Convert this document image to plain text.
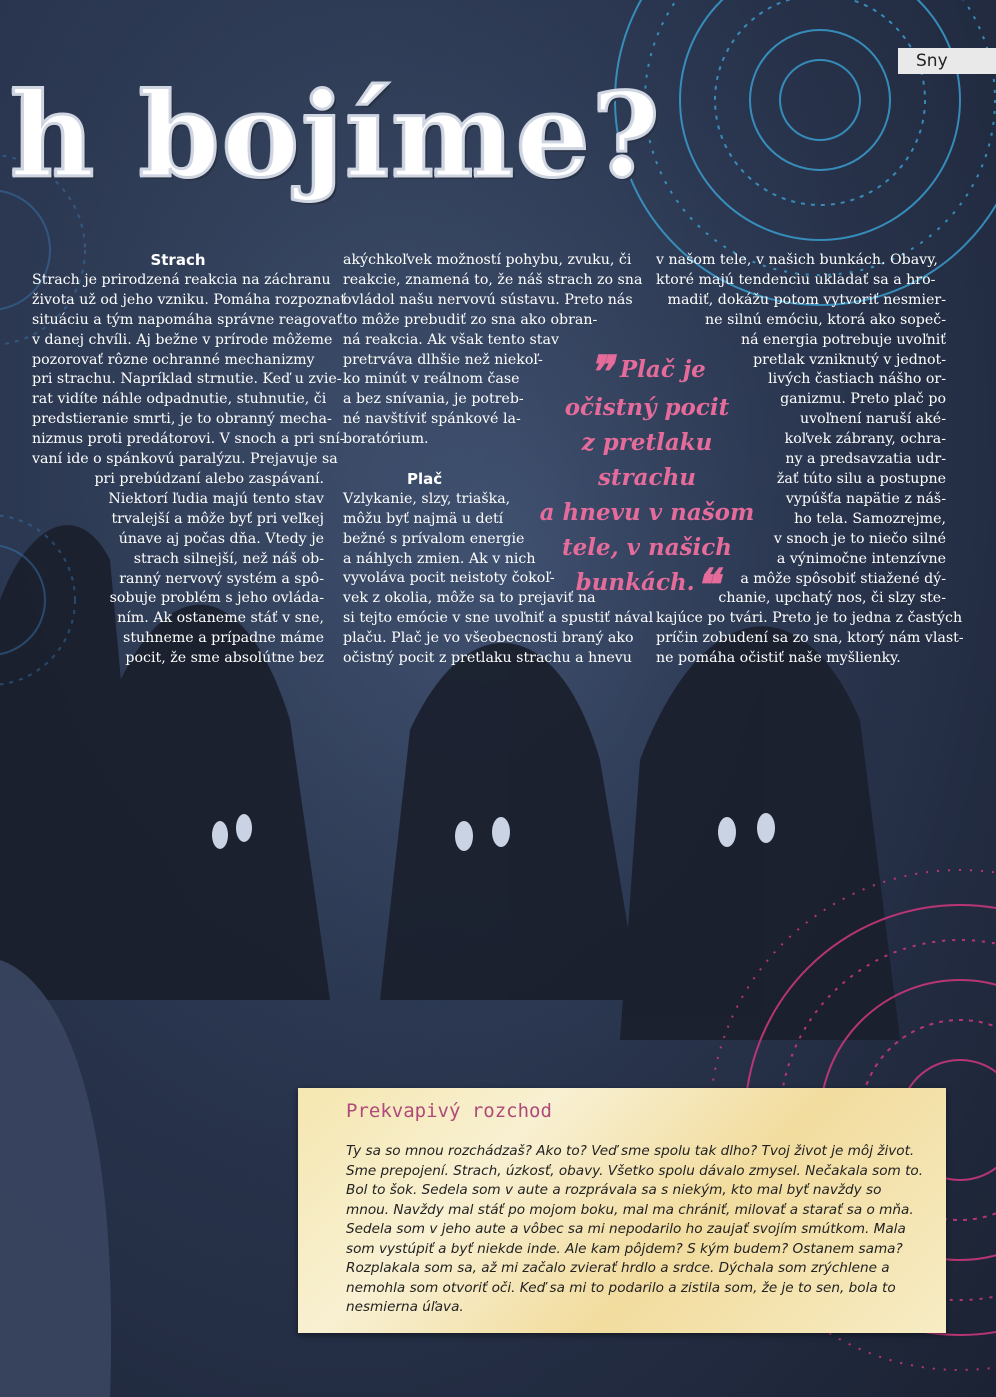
Sny
h bojíme?
Strach
Strach je prirodzená reakcia na záchranu
života už od jeho vzniku. Pomáha rozpoznať
situáciu a tým napomáha správne reagovať
v danej chvíli. Aj bežne v prírode môžeme
pozorovať rôzne ochranné mechanizmy
pri strachu. Napríklad strnutie. Keď u zvie-
rat vidíte náhle odpadnutie, stuhnutie, či
predstieranie smrti, je to obranný mecha-
nizmus proti predátorovi. V snoch a pri sní-
vaní ide o spánkovú paralýzu. Prejavuje sa
pri prebúdzaní alebo zaspávaní.
Niektorí ľudia majú tento stav
trvalejší a môže byť pri veľkej
únave aj počas dňa. Vtedy je
strach silnejší, než náš ob-
ranný nervový systém a spô-
sobuje problém s jeho ovláda-
ním. Ak ostaneme stáť v sne,
stuhneme a prípadne máme
pocit, že sme absolútne bez
akýchkoľvek možností pohybu, zvuku, či
reakcie, znamená to, že náš strach zo sna
ovládol našu nervovú sústavu. Preto nás
to môže prebudiť zo sna ako obran-
ná reakcia. Ak však tento stav
pretrváva dlhšie než niekoľ-
ko minút v reálnom čase
a bez snívania, je potreb-
né navštíviť spánkové la-
boratórium.
Plač
Vzlykanie, slzy, triaška,
môžu byť najmä u detí
bežné s prívalom energie
a náhlych zmien. Ak v nich
vyvoláva pocit neistoty čokoľ-
vek z okolia, môže sa to prejaviť na
si tejto emócie v sne uvoľniť a spustiť nával
plaču. Plač je vo všeobecnosti braný ako
očistný pocit z pretlaku strachu a hnevu
v našom tele, v našich bunkách. Obavy,
ktoré majú tendenciu ukladať sa a hro-
madiť, dokážu potom vytvoriť nesmier-
ne silnú emóciu, ktorá ako sopeč-
ná energia potrebuje uvoľniť
pretlak vzniknutý v jednot-
livých častiach nášho or-
ganizmu. Preto plač po
uvoľnení naruší aké-
koľvek zábrany, ochra-
ny a predsavzatia udr-
žať túto silu a postupne
vypúšťa napätie z náš-
ho tela. Samozrejme,
v snoch je to niečo silné
a výnimočne intenzívne
a môže spôsobiť stiažené dý-
chanie, upchatý nos, či slzy ste-
kajúce po tvári. Preto je to jedna z častých
príčin zobudení sa zo sna, ktorý nám vlast-
ne pomáha očistiť naše myšlienky.
❞ Plač je
očistný pocit
z pretlaku strachu
a hnevu v našom
tele, v našich
bunkách.❝
Prekvapivý rozchod
Ty sa so mnou rozchádzaš? Ako to? Veď sme spolu tak dlho? Tvoj život je môj život. Sme prepojení. Strach, úzkosť, obavy. Všetko spolu dávalo zmysel. Nečakala som to. Bol to šok. Sedela som v aute a rozprávala sa s niekým, kto mal byť navždy so mnou. Navždy mal stáť po mojom boku, mal ma chrániť, milovať a starať sa o mňa. Sedela som v jeho aute a vôbec sa mi nepodarilo ho zaujať svojím smútkom. Mala som vystúpiť a byť niekde inde. Ale kam pôjdem? S kým budem? Ostanem sama? Rozplakala som sa, až mi začalo zvierať hrdlo a srdce. Dýchala som zrýchlene a nemohla som otvoriť oči. Keď sa mi to podarilo a zistila som, že je to sen, bola to nesmierna úľava.
